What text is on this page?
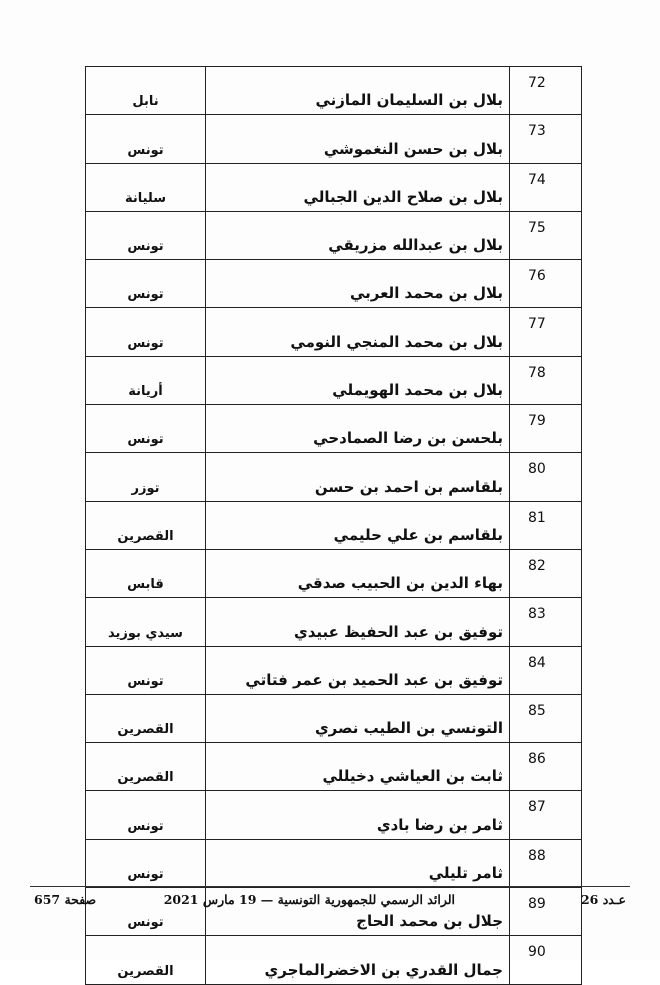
نابل	بلال بن السليمان المازني	72
تونس	بلال بن حسن النغموشي	73
سليانة	بلال بن صلاح الدين الجبالي	74
تونس	بلال بن عبدالله مزريقي	75
تونس	بلال بن محمد العربي	76
تونس	بلال بن محمد المنجي النومي	77
أريانة	بلال بن محمد الهويملي	78
تونس	بلحسن بن رضا الصمادحي	79
توزر	بلقاسم بن احمد بن حسن	80
القصرين	بلقاسم بن علي حليمي	81
قابس	بهاء الدين بن الحبيب صدقي	82
سيدي بوزيد	توفيق بن عبد الحفيظ عبيدي	83
تونس	توفيق بن عبد الحميد بن عمر فتاتي	84
القصرين	التونسي بن الطيب نصري	85
القصرين	ثابت بن العياشي دخيللي	86
تونس	ثامر بن رضا بادي	87
تونس	ثامر تليلي	88
تونس	جلال بن محمد الحاج	89
القصرين	جمال القدري بن الاخضرالماجري	90
صفحة 657	الرائد الرسمي للجمهورية التونسية — 19 مارس 2021	عـدد 26
